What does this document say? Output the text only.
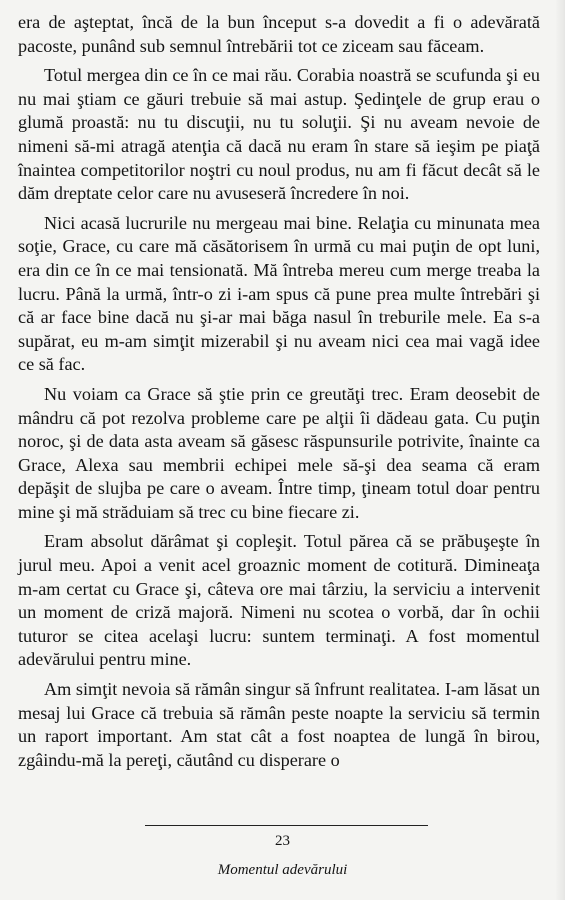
era de aşteptat, încă de la bun început s-a dovedit a fi o adevărată pacoste, punând sub semnul întrebării tot ce ziceam sau făceam.

Totul mergea din ce în ce mai rău. Corabia noastră se scufunda şi eu nu mai ştiam ce găuri trebuie să mai astup. Şedinţele de grup erau o glumă proastă: nu tu discuţii, nu tu soluţii. Şi nu aveam nevoie de nimeni să-mi atragă atenţia că dacă nu eram în stare să ieşim pe piaţă înaintea competitorilor noştri cu noul produs, nu am fi făcut decât să le dăm dreptate celor care nu avuseseră încredere în noi.

Nici acasă lucrurile nu mergeau mai bine. Relaţia cu minunata mea soţie, Grace, cu care mă căsătorisem în urmă cu mai puţin de opt luni, era din ce în ce mai tensionată. Mă întreba mereu cum merge treaba la lucru. Până la urmă, într-o zi i-am spus că pune prea multe întrebări şi că ar face bine dacă nu şi-ar mai băga nasul în treburile mele. Ea s-a supărat, eu m-am simţit mizerabil şi nu aveam nici cea mai vagă idee ce să fac.

Nu voiam ca Grace să ştie prin ce greutăţi trec. Eram deosebit de mândru că pot rezolva probleme care pe alţii îi dădeau gata. Cu puţin noroc, şi de data asta aveam să găsesc răspunsurile potrivite, înainte ca Grace, Alexa sau membrii echipei mele să-şi dea seama că eram depăşit de slujba pe care o aveam. Între timp, ţineam totul doar pentru mine şi mă străduiam să trec cu bine fiecare zi.

Eram absolut dărâmat şi copleşit. Totul părea că se prăbuşeşte în jurul meu. Apoi a venit acel groaznic moment de cotitură. Dimineaţa m-am certat cu Grace şi, câteva ore mai târziu, la serviciu a intervenit un moment de criză majoră. Nimeni nu scotea o vorbă, dar în ochii tuturor se citea acelaşi lucru: suntem terminaţi. A fost momentul adevărului pentru mine.

Am simţit nevoia să rămân singur să înfrunt realitatea. I-am lăsat un mesaj lui Grace că trebuia să rămân peste noapte la serviciu să termin un raport important. Am stat cât a fost noaptea de lungă în birou, zgâindu-mă la pereţi, căutând cu disperare o

23
Momentul adevărului
